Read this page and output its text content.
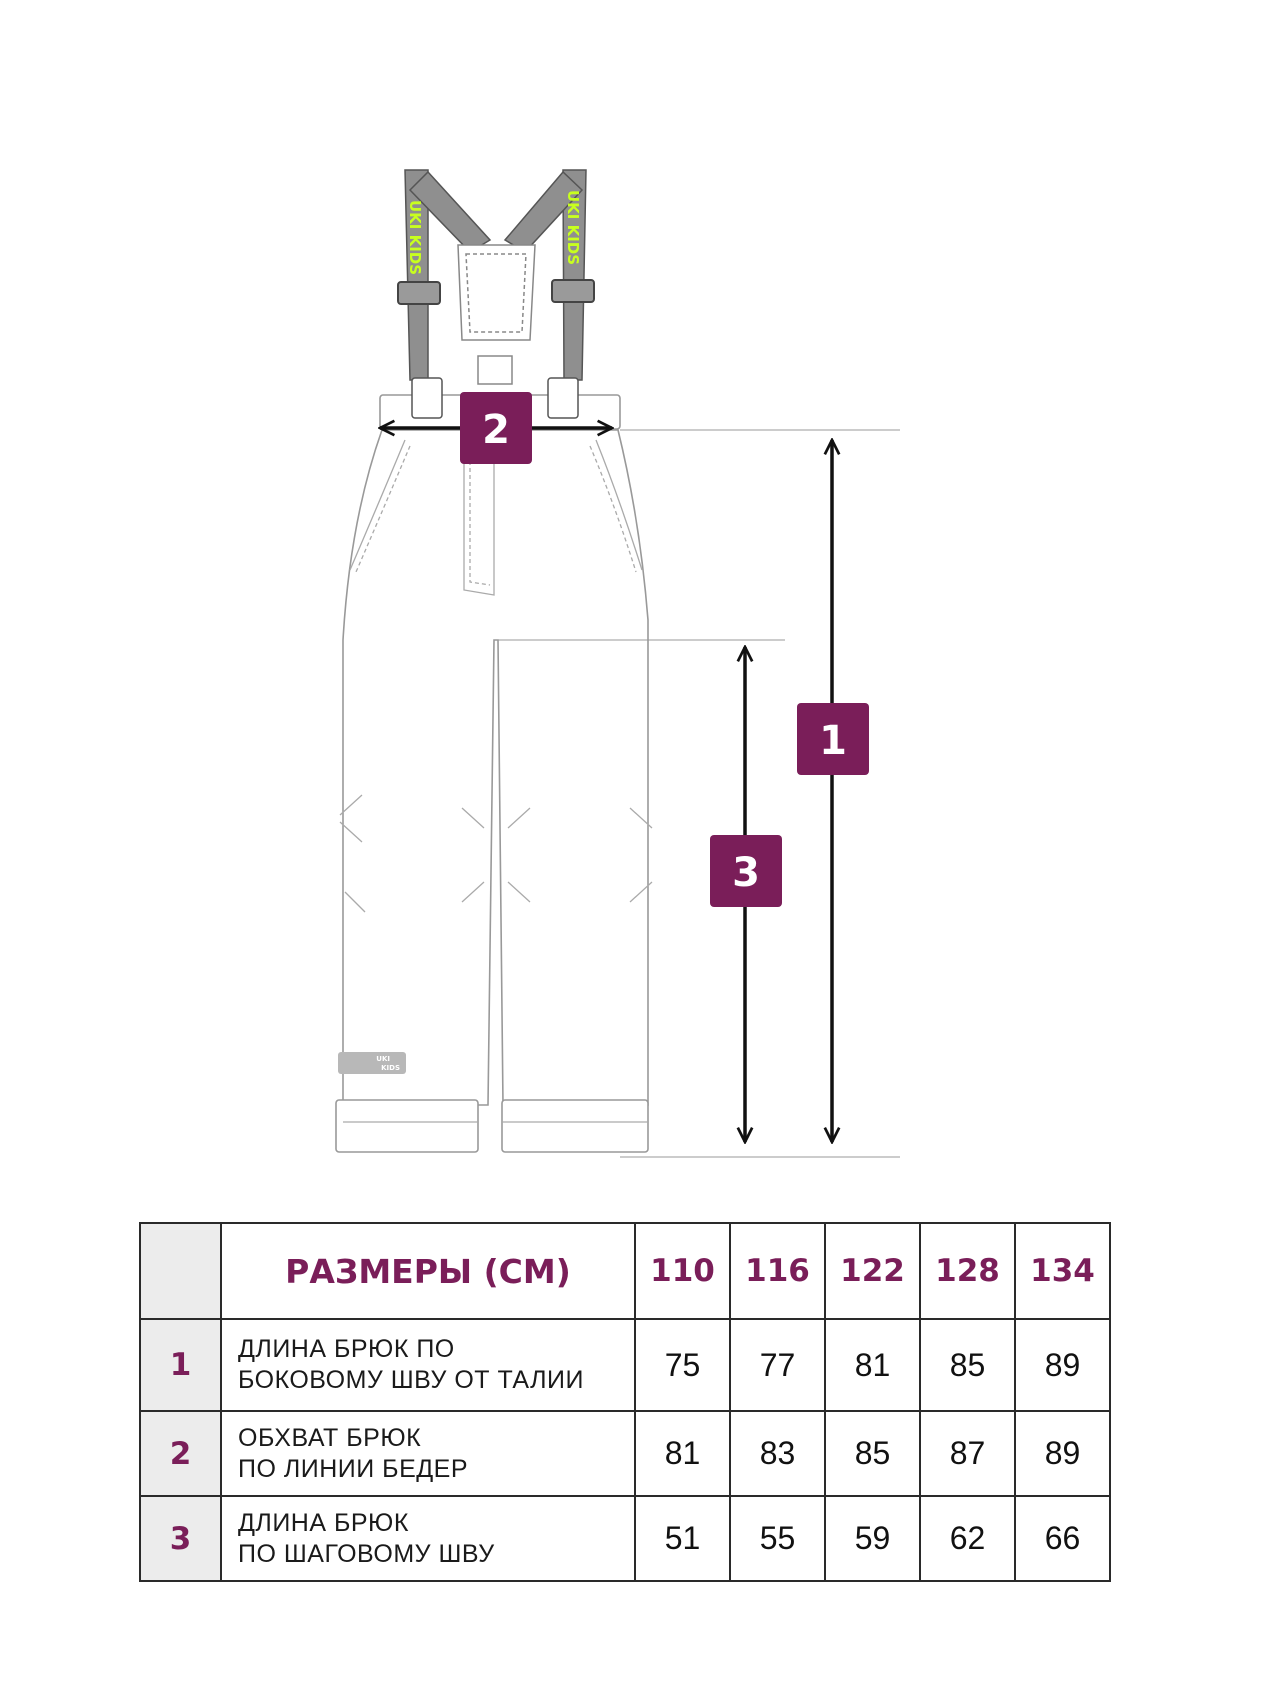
UKI KIDS	UKI KIDS
UKI
KIDS
2
1
3
	РАЗМЕРЫ (СМ)	110	116	122	128	134
1	ДЛИНА БРЮК ПО
БОКОВОМУ ШВУ ОТ ТАЛИИ	75	77	81	85	89
2	ОБХВАТ БРЮК
ПО ЛИНИИ БЕДЕР	81	83	85	87	89
3	ДЛИНА БРЮК
ПО ШАГОВОМУ ШВУ	51	55	59	62	66
